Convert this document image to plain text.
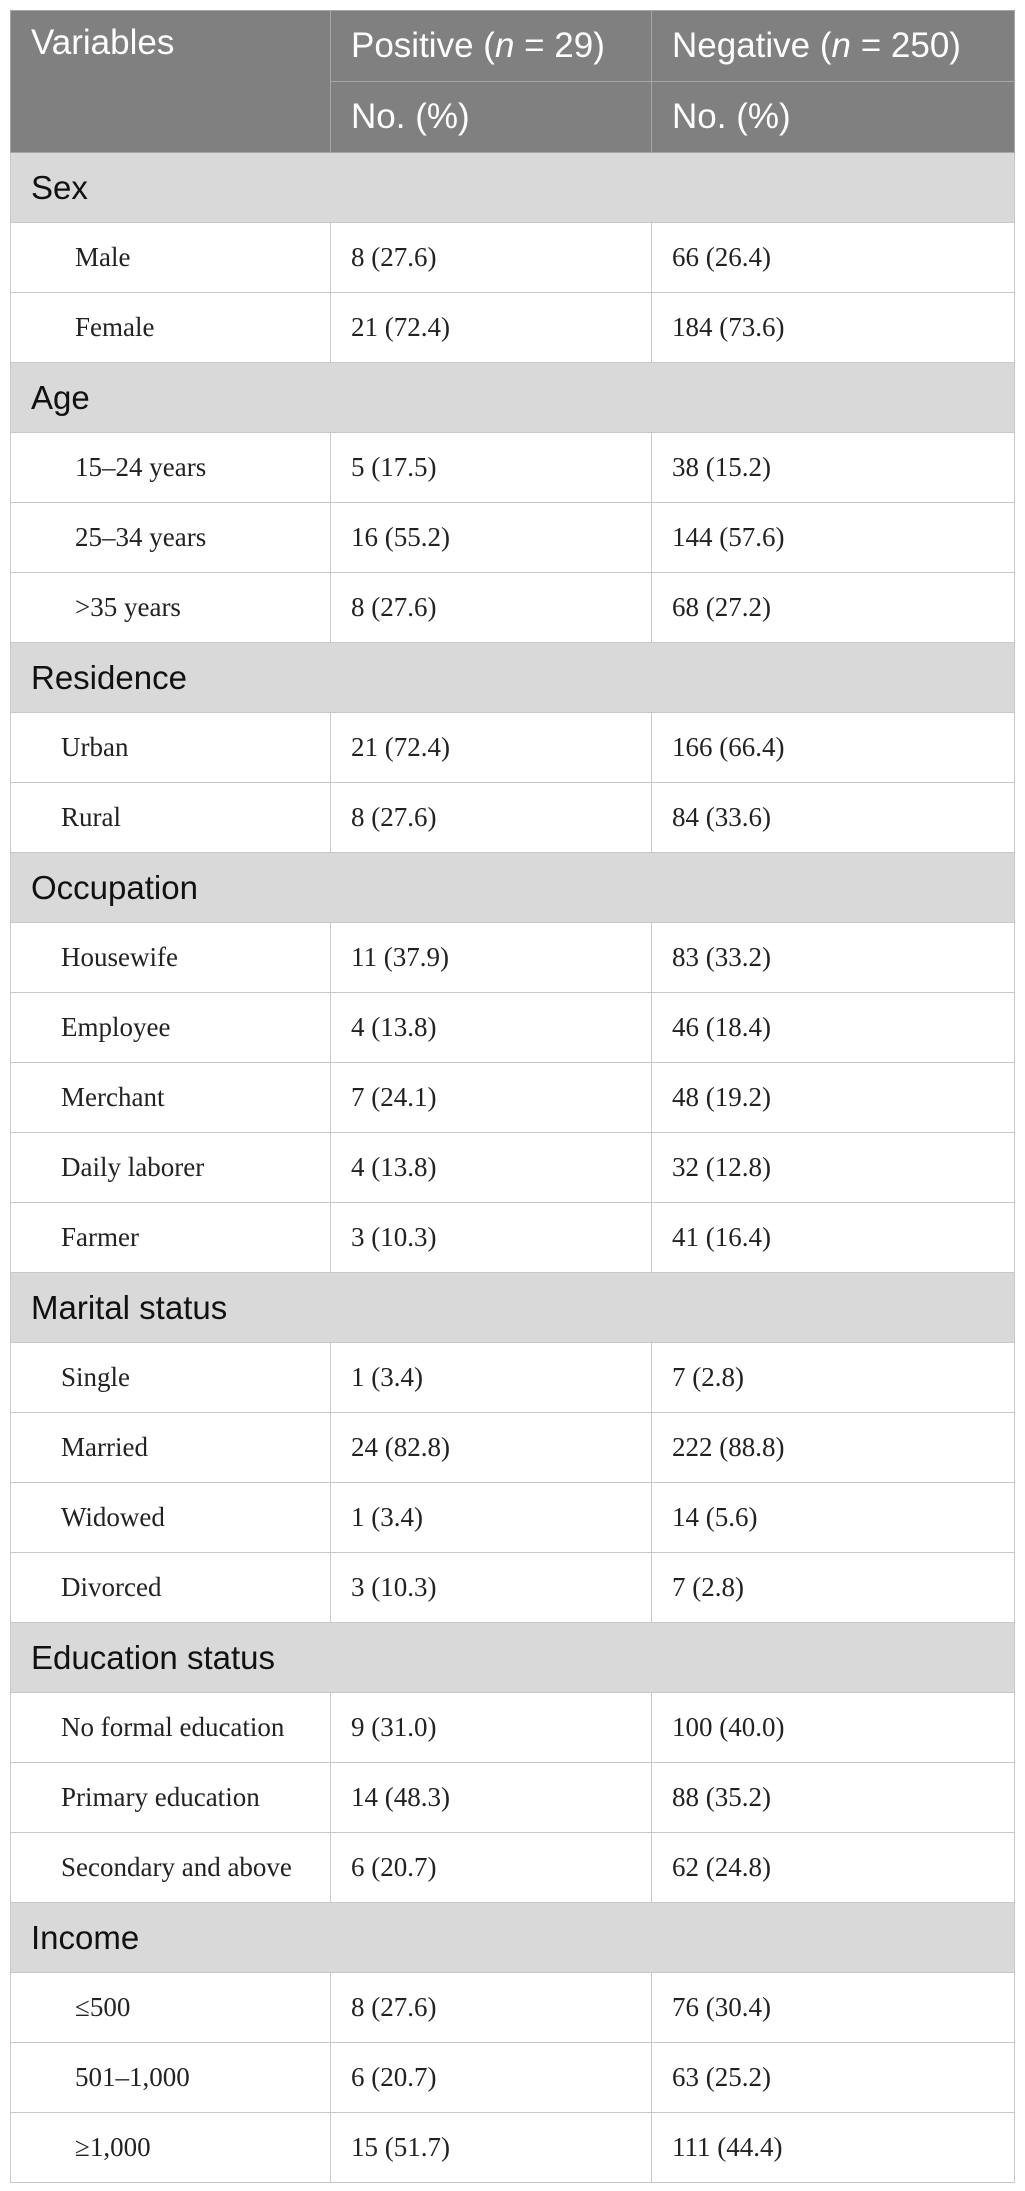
Variables	Positive (n = 29)	Negative (n = 250)
	No. (%)	No. (%)
Sex		
Male	8 (27.6)	66 (26.4)
Female	21 (72.4)	184 (73.6)
Age		
15–24 years	5 (17.5)	38 (15.2)
25–34 years	16 (55.2)	144 (57.6)
>35 years	8 (27.6)	68 (27.2)
Residence		
Urban	21 (72.4)	166 (66.4)
Rural	8 (27.6)	84 (33.6)
Occupation		
Housewife	11 (37.9)	83 (33.2)
Employee	4 (13.8)	46 (18.4)
Merchant	7 (24.1)	48 (19.2)
Daily laborer	4 (13.8)	32 (12.8)
Farmer	3 (10.3)	41 (16.4)
Marital status		
Single	1 (3.4)	7 (2.8)
Married	24 (82.8)	222 (88.8)
Widowed	1 (3.4)	14 (5.6)
Divorced	3 (10.3)	7 (2.8)
Education status		
No formal education	9 (31.0)	100 (40.0)
Primary education	14 (48.3)	88 (35.2)
Secondary and above	6 (20.7)	62 (24.8)
Income		
≤500	8 (27.6)	76 (30.4)
501–1,000	6 (20.7)	63 (25.2)
≥1,000	15 (51.7)	111 (44.4)
